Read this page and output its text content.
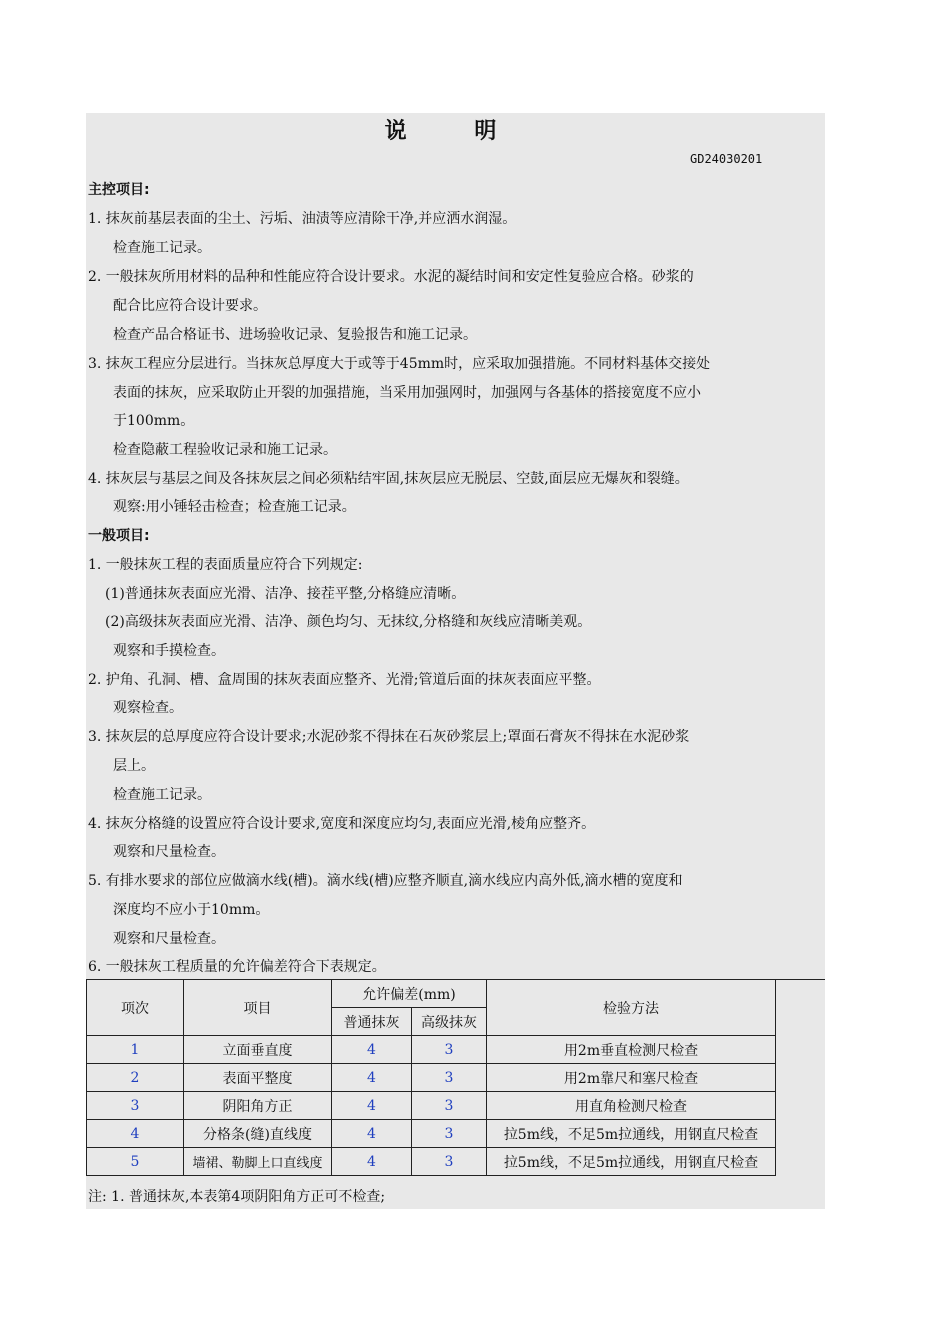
说 明
GD24030201
主控项目:
1. 抹灰前基层表面的尘土、污垢、油渍等应清除干净,并应洒水润湿。
检查施工记录。
2. 一般抹灰所用材料的品种和性能应符合设计要求。水泥的凝结时间和安定性复验应合格。砂浆的
配合比应符合设计要求。
检查产品合格证书、进场验收记录、复验报告和施工记录。
3. 抹灰工程应分层进行。当抹灰总厚度大于或等于45mm时，应采取加强措施。不同材料基体交接处
表面的抹灰，应采取防止开裂的加强措施，当采用加强网时，加强网与各基体的搭接宽度不应小
于100mm。
检查隐蔽工程验收记录和施工记录。
4. 抹灰层与基层之间及各抹灰层之间必须粘结牢固,抹灰层应无脱层、空鼓,面层应无爆灰和裂缝。
观察:用小锤轻击检查；检查施工记录。
一般项目:
1. 一般抹灰工程的表面质量应符合下列规定:
(1)普通抹灰表面应光滑、洁净、接茬平整,分格缝应清晰。
(2)高级抹灰表面应光滑、洁净、颜色均匀、无抹纹,分格缝和灰线应清晰美观。
观察和手摸检查。
2. 护角、孔洞、槽、盒周围的抹灰表面应整齐、光滑;管道后面的抹灰表面应平整。
观察检查。
3. 抹灰层的总厚度应符合设计要求;水泥砂浆不得抹在石灰砂浆层上;罩面石膏灰不得抹在水泥砂浆
层上。
检查施工记录。
4. 抹灰分格缝的设置应符合设计要求,宽度和深度应均匀,表面应光滑,棱角应整齐。
观察和尺量检查。
5. 有排水要求的部位应做滴水线(槽)。滴水线(槽)应整齐顺直,滴水线应内高外低,滴水槽的宽度和
深度均不应小于10mm。
观察和尺量检查。
6. 一般抹灰工程质量的允许偏差符合下表规定。
项次	项目	允许偏差(mm)		检验方法
		普通抹灰	高级抹灰	
1	立面垂直度	4	3	用2m垂直检测尺检查
2	表面平整度	4	3	用2m靠尺和塞尺检查
3	阴阳角方正	4	3	用直角检测尺检查
4	分格条(缝)直线度	4	3	拉5m线，不足5m拉通线，用钢直尺检查
5	墙裙、勒脚上口直线度	4	3	拉5m线，不足5m拉通线，用钢直尺检查
注: 1. 普通抹灰,本表第4项阴阳角方正可不检查;
